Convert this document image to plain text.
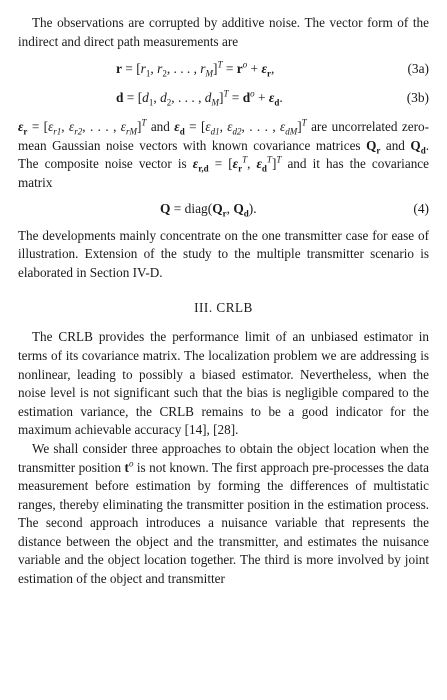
The observations are corrupted by additive noise. The vector form of the indirect and direct path measurements are

$r = [r_1$, $r_2$, . . . , $r_M]^T = r^o + \varepsilon_r$,	(3a)
$d = [d_1$, $d_2$, . . . , $d_M]^T = d^o + \varepsilon_d$.	(3b)

$\varepsilon_r = [\varepsilon_{r1}$, $\varepsilon_{r2}$, . . . , $\varepsilon_{rM}]^T$ and $\varepsilon_d = [\varepsilon_{d1}$, $\varepsilon_{d2}$, . . . , $\varepsilon_{dM}]^T$ are uncorrelated zero-mean Gaussian noise vectors with known covariance matrices $Q_r$ and $Q_d$. The composite noise vector is $\varepsilon_{r,d} = [\varepsilon_r^T$, $\varepsilon_d^T]^T$ and it has the covariance matrix

$Q = diag(Q_r$, $Q_d$).	(4)

The developments mainly concentrate on the one transmitter case for ease of illustration. Extension of the study to the multiple transmitter scenario is elaborated in Section IV-D.

III. CRLB

The CRLB provides the performance limit of an unbiased estimator in terms of its covariance matrix. The localization problem we are addressing is nonlinear, leading to possibly a biased estimator. Nevertheless, when the noise level is not significant such that the bias is negligible compared to the estimation variance, the CRLB remains to be a good indicator for the maximum achievable accuracy [14], [28].

We shall consider three approaches to obtain the object location when the transmitter position $t^o$ is not known. The first approach pre-processes the data measurement before estimation by forming the differences of multistatic ranges, thereby eliminating the transmitter position in the estimation process. The second approach introduces a nuisance variable that represents the distance between the object and the transmitter, and estimates the nuisance variable and the object location together. The third is more involved by joint estimation of the object and transmitter
